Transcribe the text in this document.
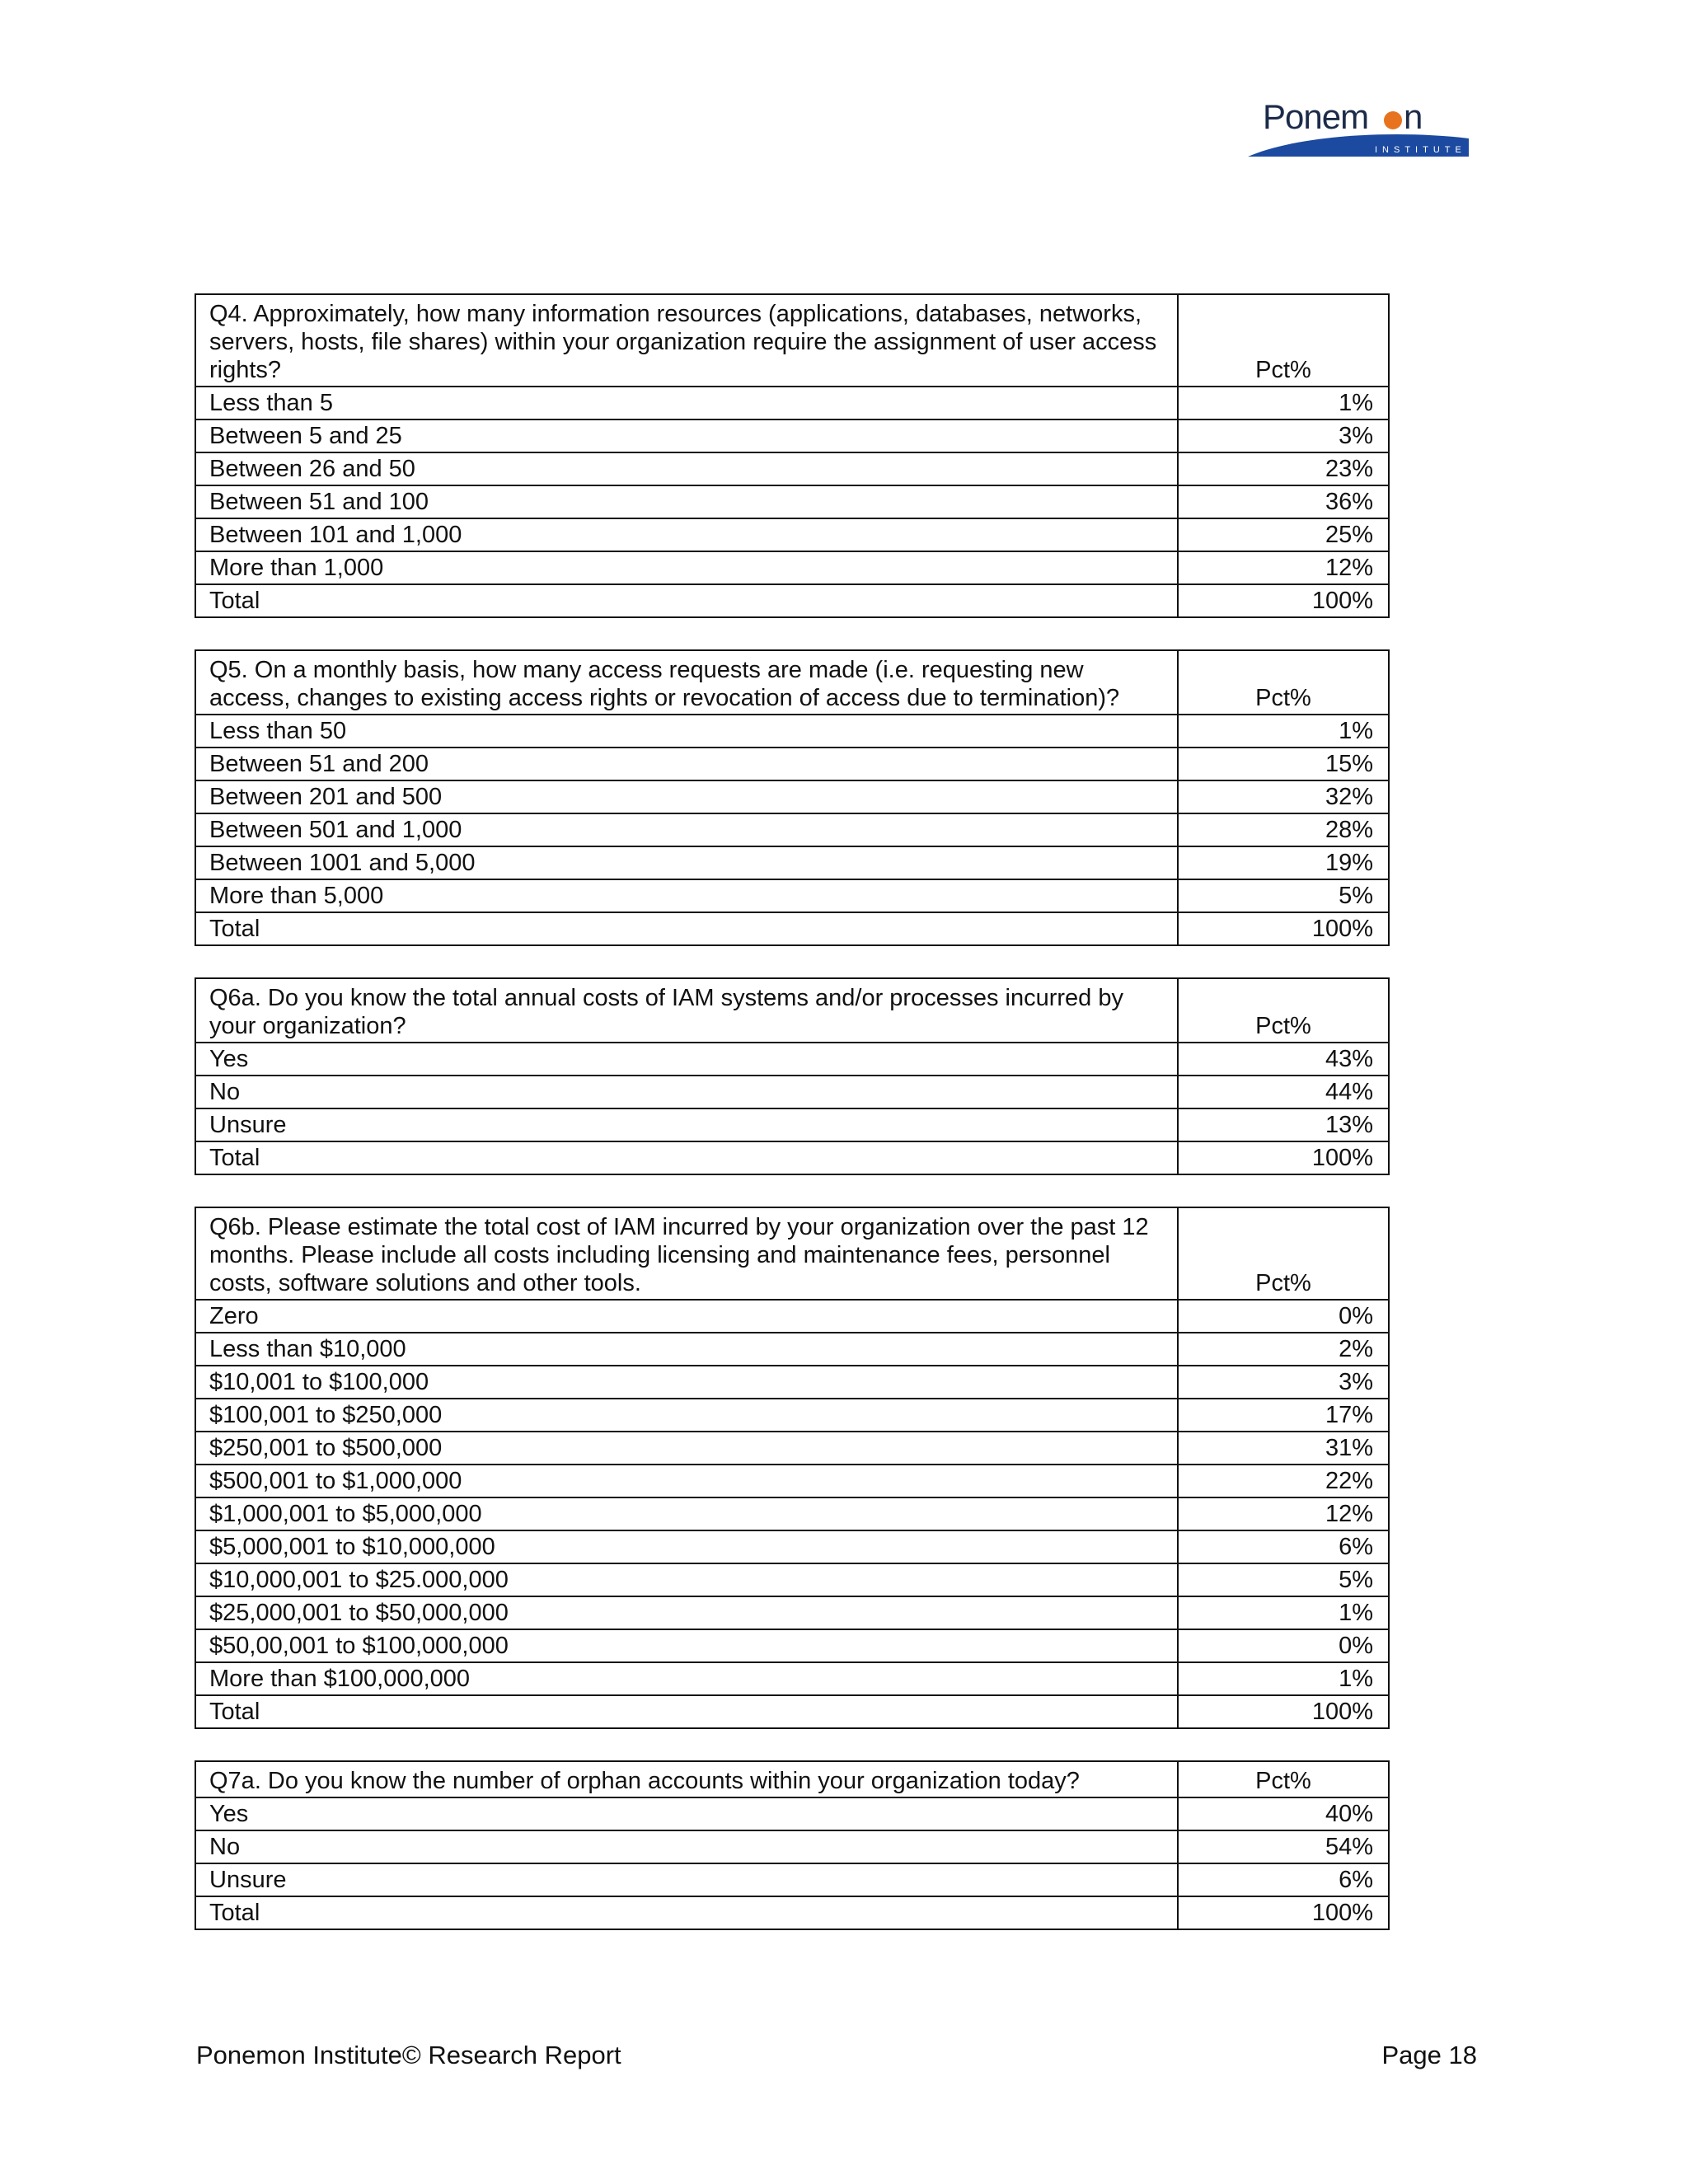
Ponem n
INSTITUTE
Q4. Approximately, how many information resources (applications, databases, networks, servers, hosts, file shares) within your organization require the assignment of user access rights?	Pct%
Less than 5	1%
Between 5 and 25	3%
Between 26 and 50	23%
Between 51 and 100	36%
Between 101 and 1,000	25%
More than 1,000	12%
Total	100%
Q5. On a monthly basis, how many access requests are made (i.e. requesting new access, changes to existing access rights or revocation of access due to termination)?	Pct%
Less than 50	1%
Between 51 and 200	15%
Between 201 and 500	32%
Between 501 and 1,000	28%
Between 1001 and 5,000	19%
More than 5,000	5%
Total	100%
Q6a. Do you know the total annual costs of IAM systems and/or processes incurred by your organization?	Pct%
Yes	43%
No	44%
Unsure	13%
Total	100%
Q6b. Please estimate the total cost of IAM incurred by your organization over the past 12 months. Please include all costs including licensing and maintenance fees, personnel costs, software solutions and other tools.	Pct%
Zero	0%
Less than $10,000	2%
$10,001 to $100,000	3%
$100,001 to $250,000	17%
$250,001 to $500,000	31%
$500,001 to $1,000,000	22%
$1,000,001 to $5,000,000	12%
$5,000,001 to $10,000,000	6%
$10,000,001 to $25.000,000	5%
$25,000,001 to $50,000,000	1%
$50,00,001 to $100,000,000	0%
More than $100,000,000	1%
Total	100%
Q7a. Do you know the number of orphan accounts within your organization today?	Pct%
Yes	40%
No	54%
Unsure	6%
Total	100%
Ponemon Institute© Research Report	Page 18
